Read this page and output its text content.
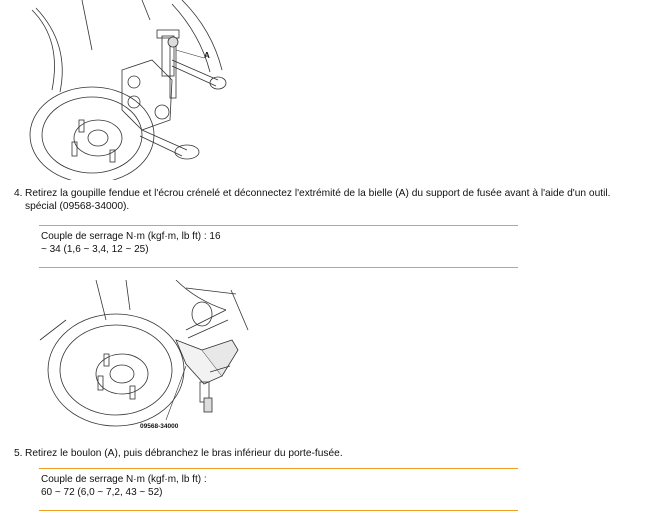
A
4. Retirez la goupille fendue et l'écrou crénelé et déconnectez l'extrémité de la bielle (A) du support de fusée avant à l'aide d'un outil.
spécial (09568-34000).
Couple de serrage N·m (kgf·m, lb ft) : 16
~ 34 (1,6 ~ 3,4, 12 ~ 25)
09568-34000
5. Retirez le boulon (A), puis débranchez le bras inférieur du porte-fusée.
Couple de serrage N·m (kgf·m, lb ft) :
60 ~ 72 (6,0 ~ 7,2, 43 ~ 52)
